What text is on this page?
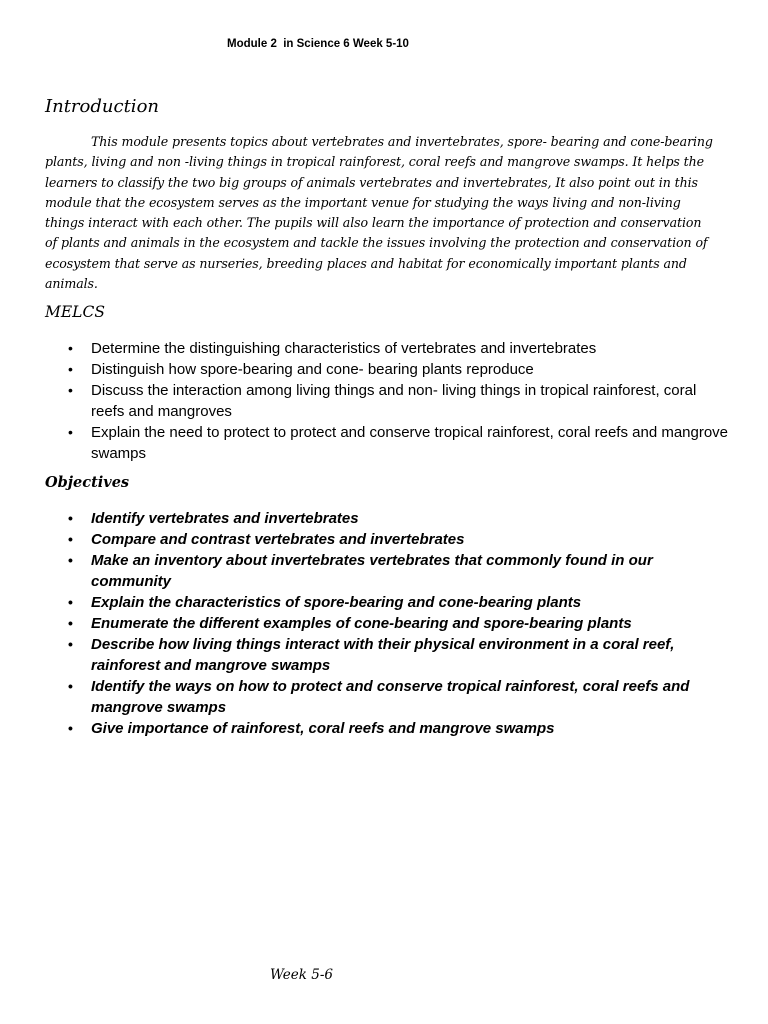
Module 2  in Science 6 Week 5-10
Introduction

This module presents topics about vertebrates and invertebrates, spore- bearing and cone-bearing plants, living and non -living things in tropical rainforest, coral reefs and mangrove swamps. It helps the learners to classify the two big groups of animals vertebrates and invertebrates, It also point out in this module that the ecosystem serves as the important venue for studying the ways living and non-living things interact with each other. The pupils will also learn the importance of protection and conservation of plants and animals in the ecosystem and tackle the issues involving the protection and conservation of ecosystem that serve as nurseries, breeding places and habitat for economically important plants and animals.

MELCS
• Determine the distinguishing characteristics of vertebrates and invertebrates
• Distinguish how spore-bearing and cone- bearing plants reproduce
• Discuss the interaction among living things and non- living things in tropical rainforest, coral reefs and mangroves
• Explain the need to protect to protect and conserve tropical rainforest, coral reefs and mangrove swamps
Objectives
• Identify vertebrates and invertebrates
• Compare and contrast vertebrates and invertebrates
• Make an inventory about invertebrates vertebrates that commonly found in our community
• Explain the characteristics of spore-bearing and cone-bearing plants
• Enumerate the different examples of cone-bearing and spore-bearing plants
• Describe how living things interact with their physical environment in a coral reef, rainforest and mangrove swamps
• Identify the ways on how to protect and conserve tropical rainforest, coral reefs and mangrove swamps
• Give importance of rainforest, coral reefs and mangrove swamps
Week 5-6
